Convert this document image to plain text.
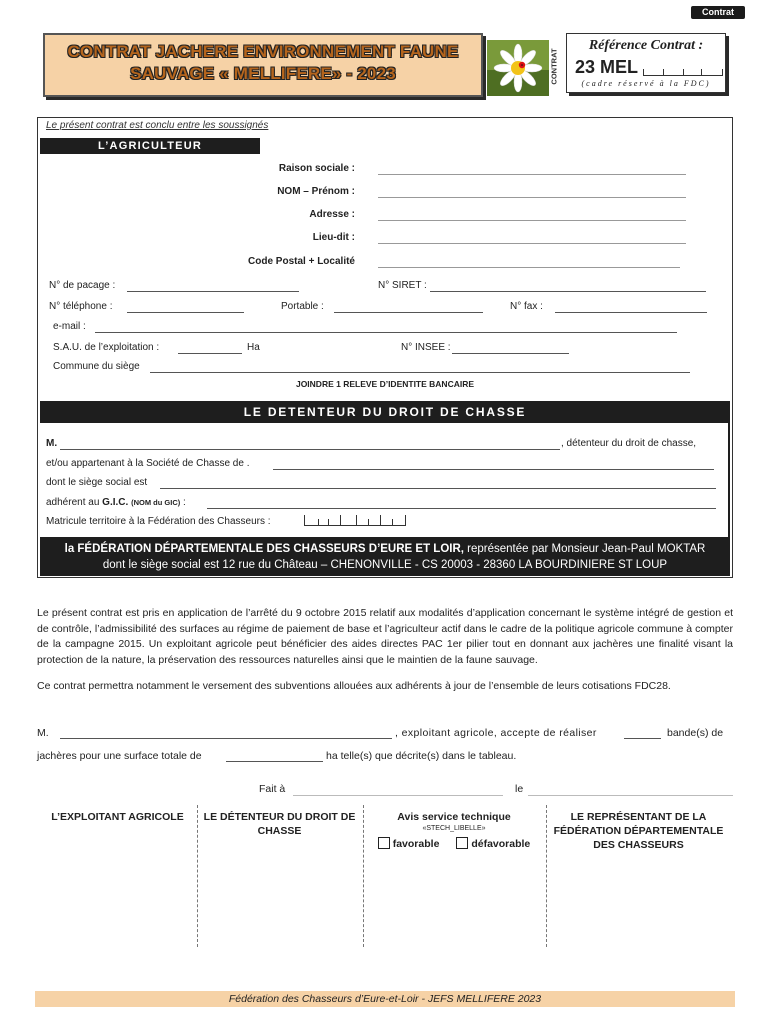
Contrat
CONTRAT JACHERE ENVIRONNEMENT FAUNE
SAUVAGE « MELLIFERE» - 2023	CONTRAT
Référence Contrat :
23 MEL
(cadre réservé à la FDC)
Le présent contrat est conclu entre les soussignés
L’AGRICULTEUR
Raison sociale :
NOM – Prénom :
Adresse :
Lieu-dit :
Code Postal + Localité
N° de pacage :	N° SIRET :
N° téléphone :	Portable :	N° fax :
e-mail :
S.A.U. de l’exploitation :	Ha	N° INSEE :
Commune du siège
JOINDRE 1 RELEVE D’IDENTITE BANCAIRE
LE DETENTEUR DU DROIT DE CHASSE
M.	, détenteur du droit de chasse,
et/ou appartenant à la Société de Chasse de .
dont le siège social est
adhérent au G.I.C. (NOM du GIC) :
Matricule territoire à la Fédération des Chasseurs :
la FÉDÉRATION DÉPARTEMENTALE DES CHASSEURS D’EURE ET LOIR, représentée par Monsieur Jean-Paul MOKTAR
dont le siège social est 12 rue du Château – CHENONVILLE - CS 20003 - 28360 LA BOURDINIERE ST LOUP
Le présent contrat est pris en application de l’arrêté du 9 octobre 2015 relatif aux modalités d’application concernant le système intégré de gestion et de contrôle, l’admissibilité des surfaces au régime de paiement de base et l’agriculteur actif dans le cadre de la politique agricole commune à compter de la campagne 2015. Un exploitant agricole peut bénéficier des aides directes PAC 1er pilier tout en donnant aux jachères une finalité visant la protection de la nature, la préservation des ressources naturelles ainsi que le maintien de la faune sauvage.
Ce contrat permettra notamment le versement des subventions allouées aux adhérents à jour de l’ensemble de leurs cotisations FDC28.
M.	, exploitant agricole, accepte de réaliser	bande(s) de
jachères pour une surface totale de	ha telle(s) que décrite(s) dans le tableau.
Fait à	le
L’EXPLOITANT AGRICOLE	LE DÉTENTEUR DU DROIT DE CHASSE
Avis service technique
«STECH_LIBELLE»
favorable	défavorable
LE REPRÉSENTANT DE LA FÉDÉRATION DÉPARTEMENTALE DES CHASSEURS
Fédération des Chasseurs d’Eure-et-Loir - JEFS MELLIFERE 2023
